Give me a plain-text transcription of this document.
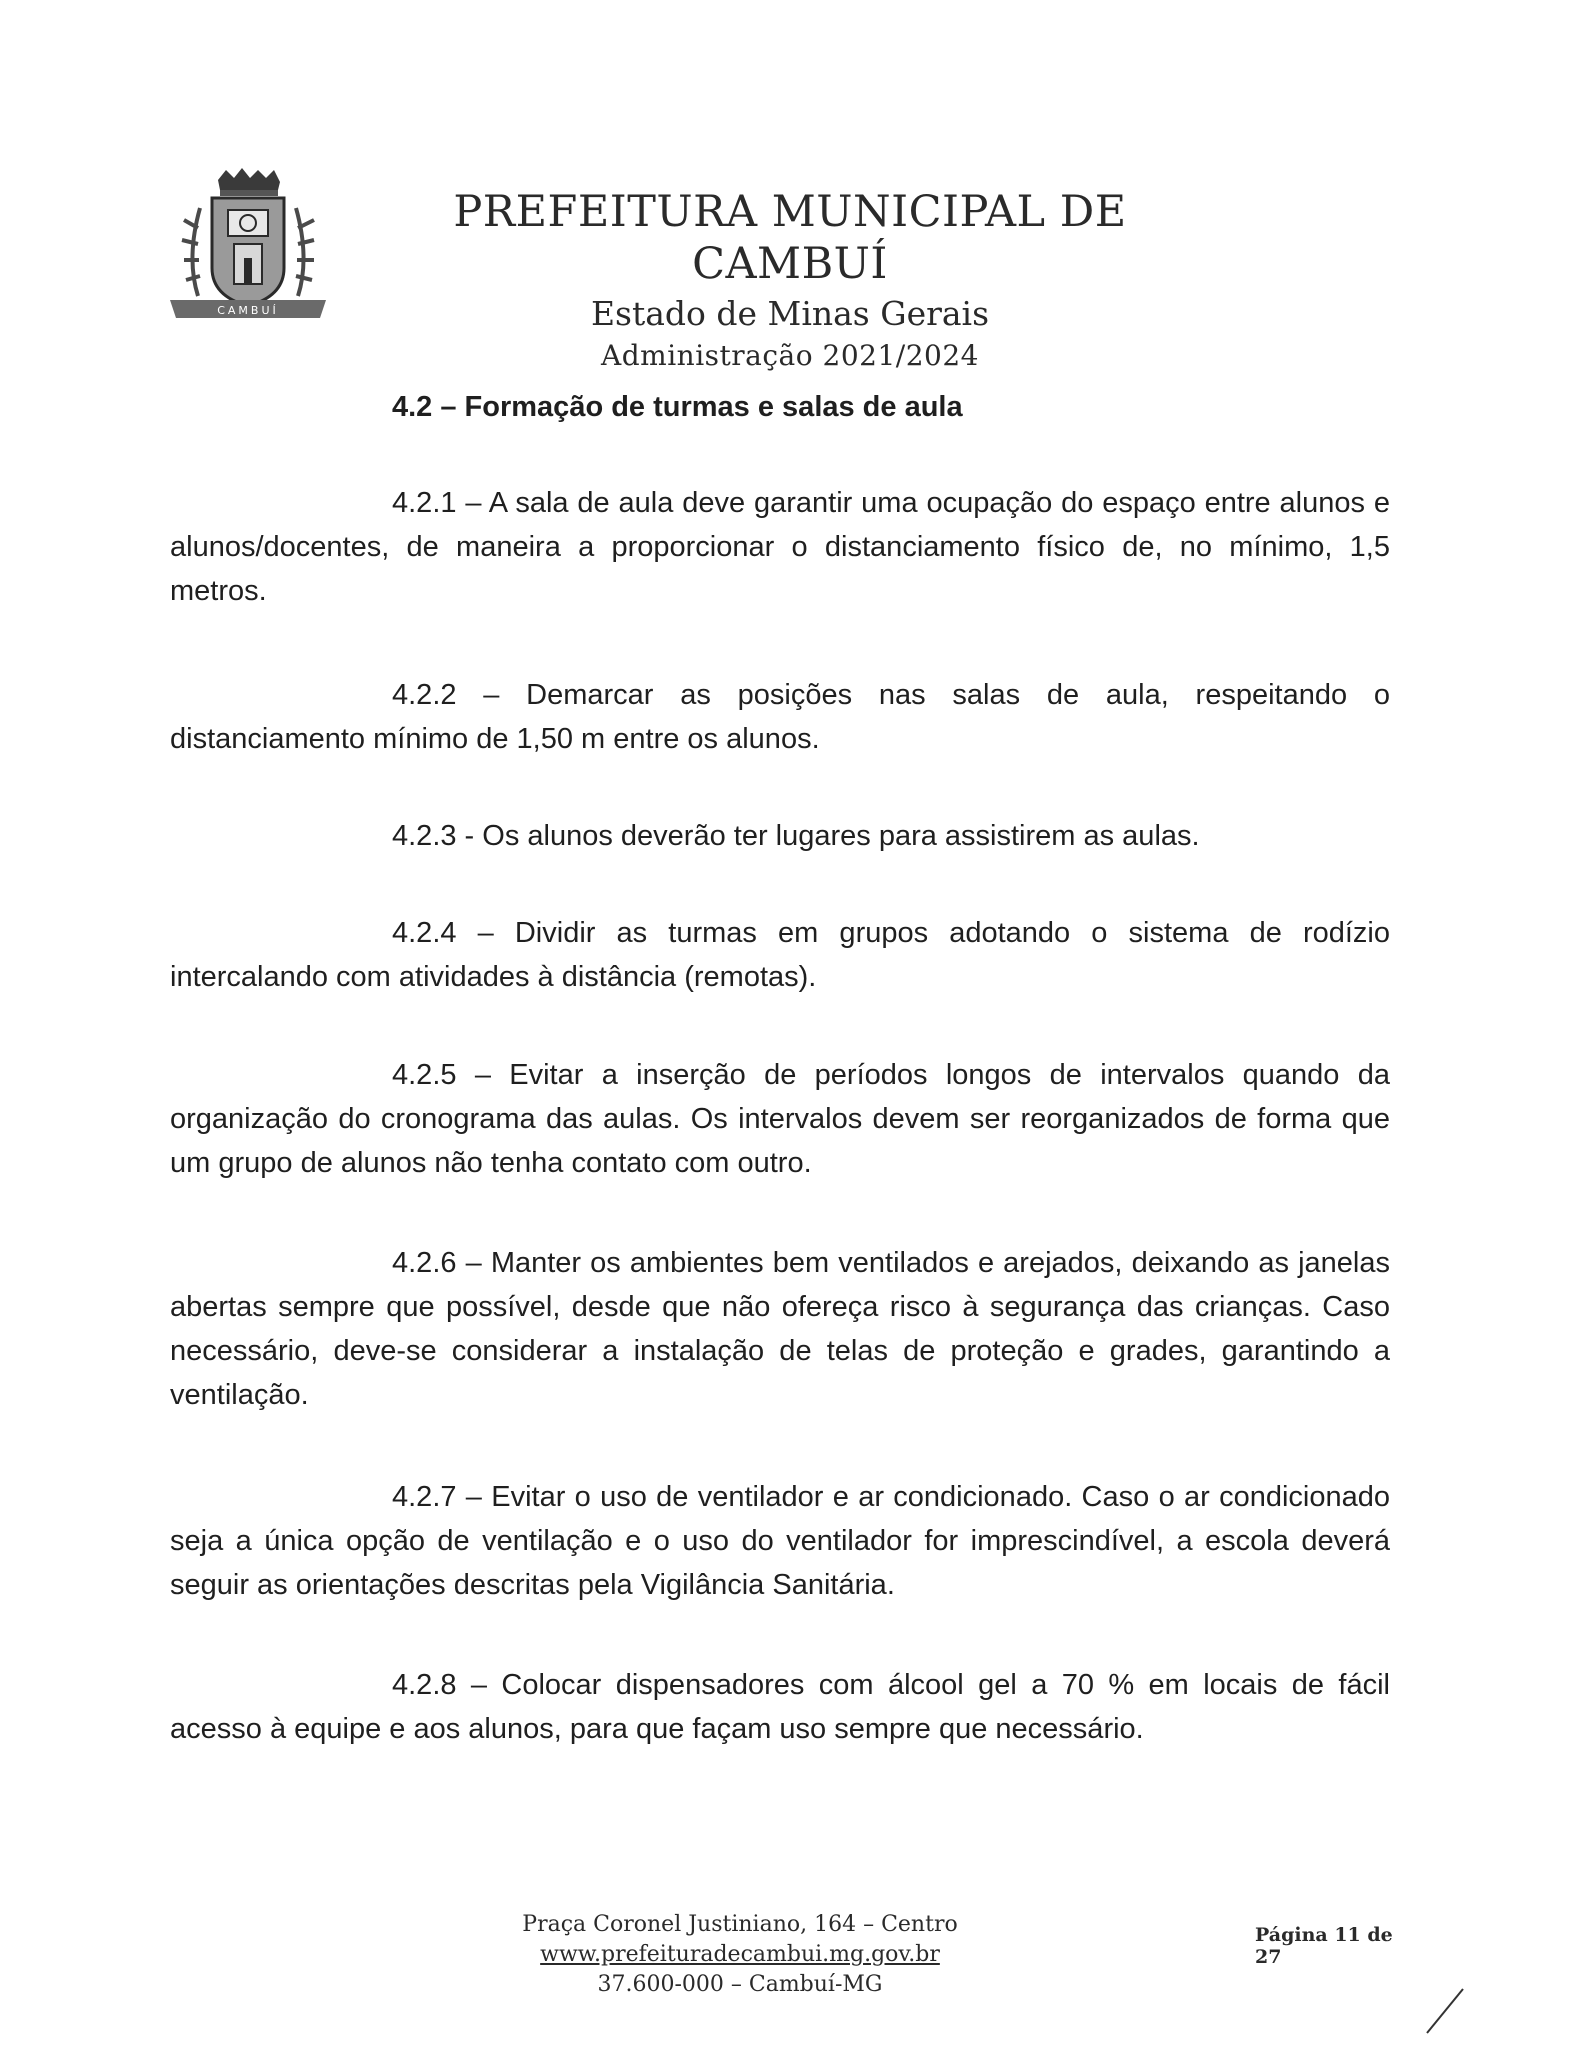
CAMBUÍ
PREFEITURA MUNICIPAL DE CAMBUÍ
Estado de Minas Gerais
Administração 2021/2024
4.2 – Formação de turmas e salas de aula

4.2.1 – A sala de aula deve garantir uma ocupação do espaço entre alunos e alunos/docentes, de maneira a proporcionar o distanciamento físico de, no mínimo, 1,5 metros.

4.2.2 – Demarcar as posições nas salas de aula, respeitando o distanciamento mínimo de 1,50 m entre os alunos.

4.2.3 - Os alunos deverão ter lugares para assistirem as aulas.

4.2.4 – Dividir as turmas em grupos adotando o sistema de rodízio intercalando com atividades à distância (remotas).

4.2.5 – Evitar a inserção de períodos longos de intervalos quando da organização do cronograma das aulas. Os intervalos devem ser reorganizados de forma que um grupo de alunos não tenha contato com outro.

4.2.6 – Manter os ambientes bem ventilados e arejados, deixando as janelas abertas sempre que possível, desde que não ofereça risco à segurança das crianças. Caso necessário, deve-se considerar a instalação de telas de proteção e grades, garantindo a ventilação.

4.2.7 – Evitar o uso de ventilador e ar condicionado. Caso o ar condicionado seja a única opção de ventilação e o uso do ventilador for imprescindível, a escola deverá seguir as orientações descritas pela Vigilância Sanitária.

4.2.8 – Colocar dispensadores com álcool gel a 70 % em locais de fácil acesso à equipe e aos alunos, para que façam uso sempre que necessário.

Praça Coronel Justiniano, 164 – Centro
www.prefeituradecambui.mg.gov.br
37.600-000 – Cambuí-MG
Página 11 de 27
